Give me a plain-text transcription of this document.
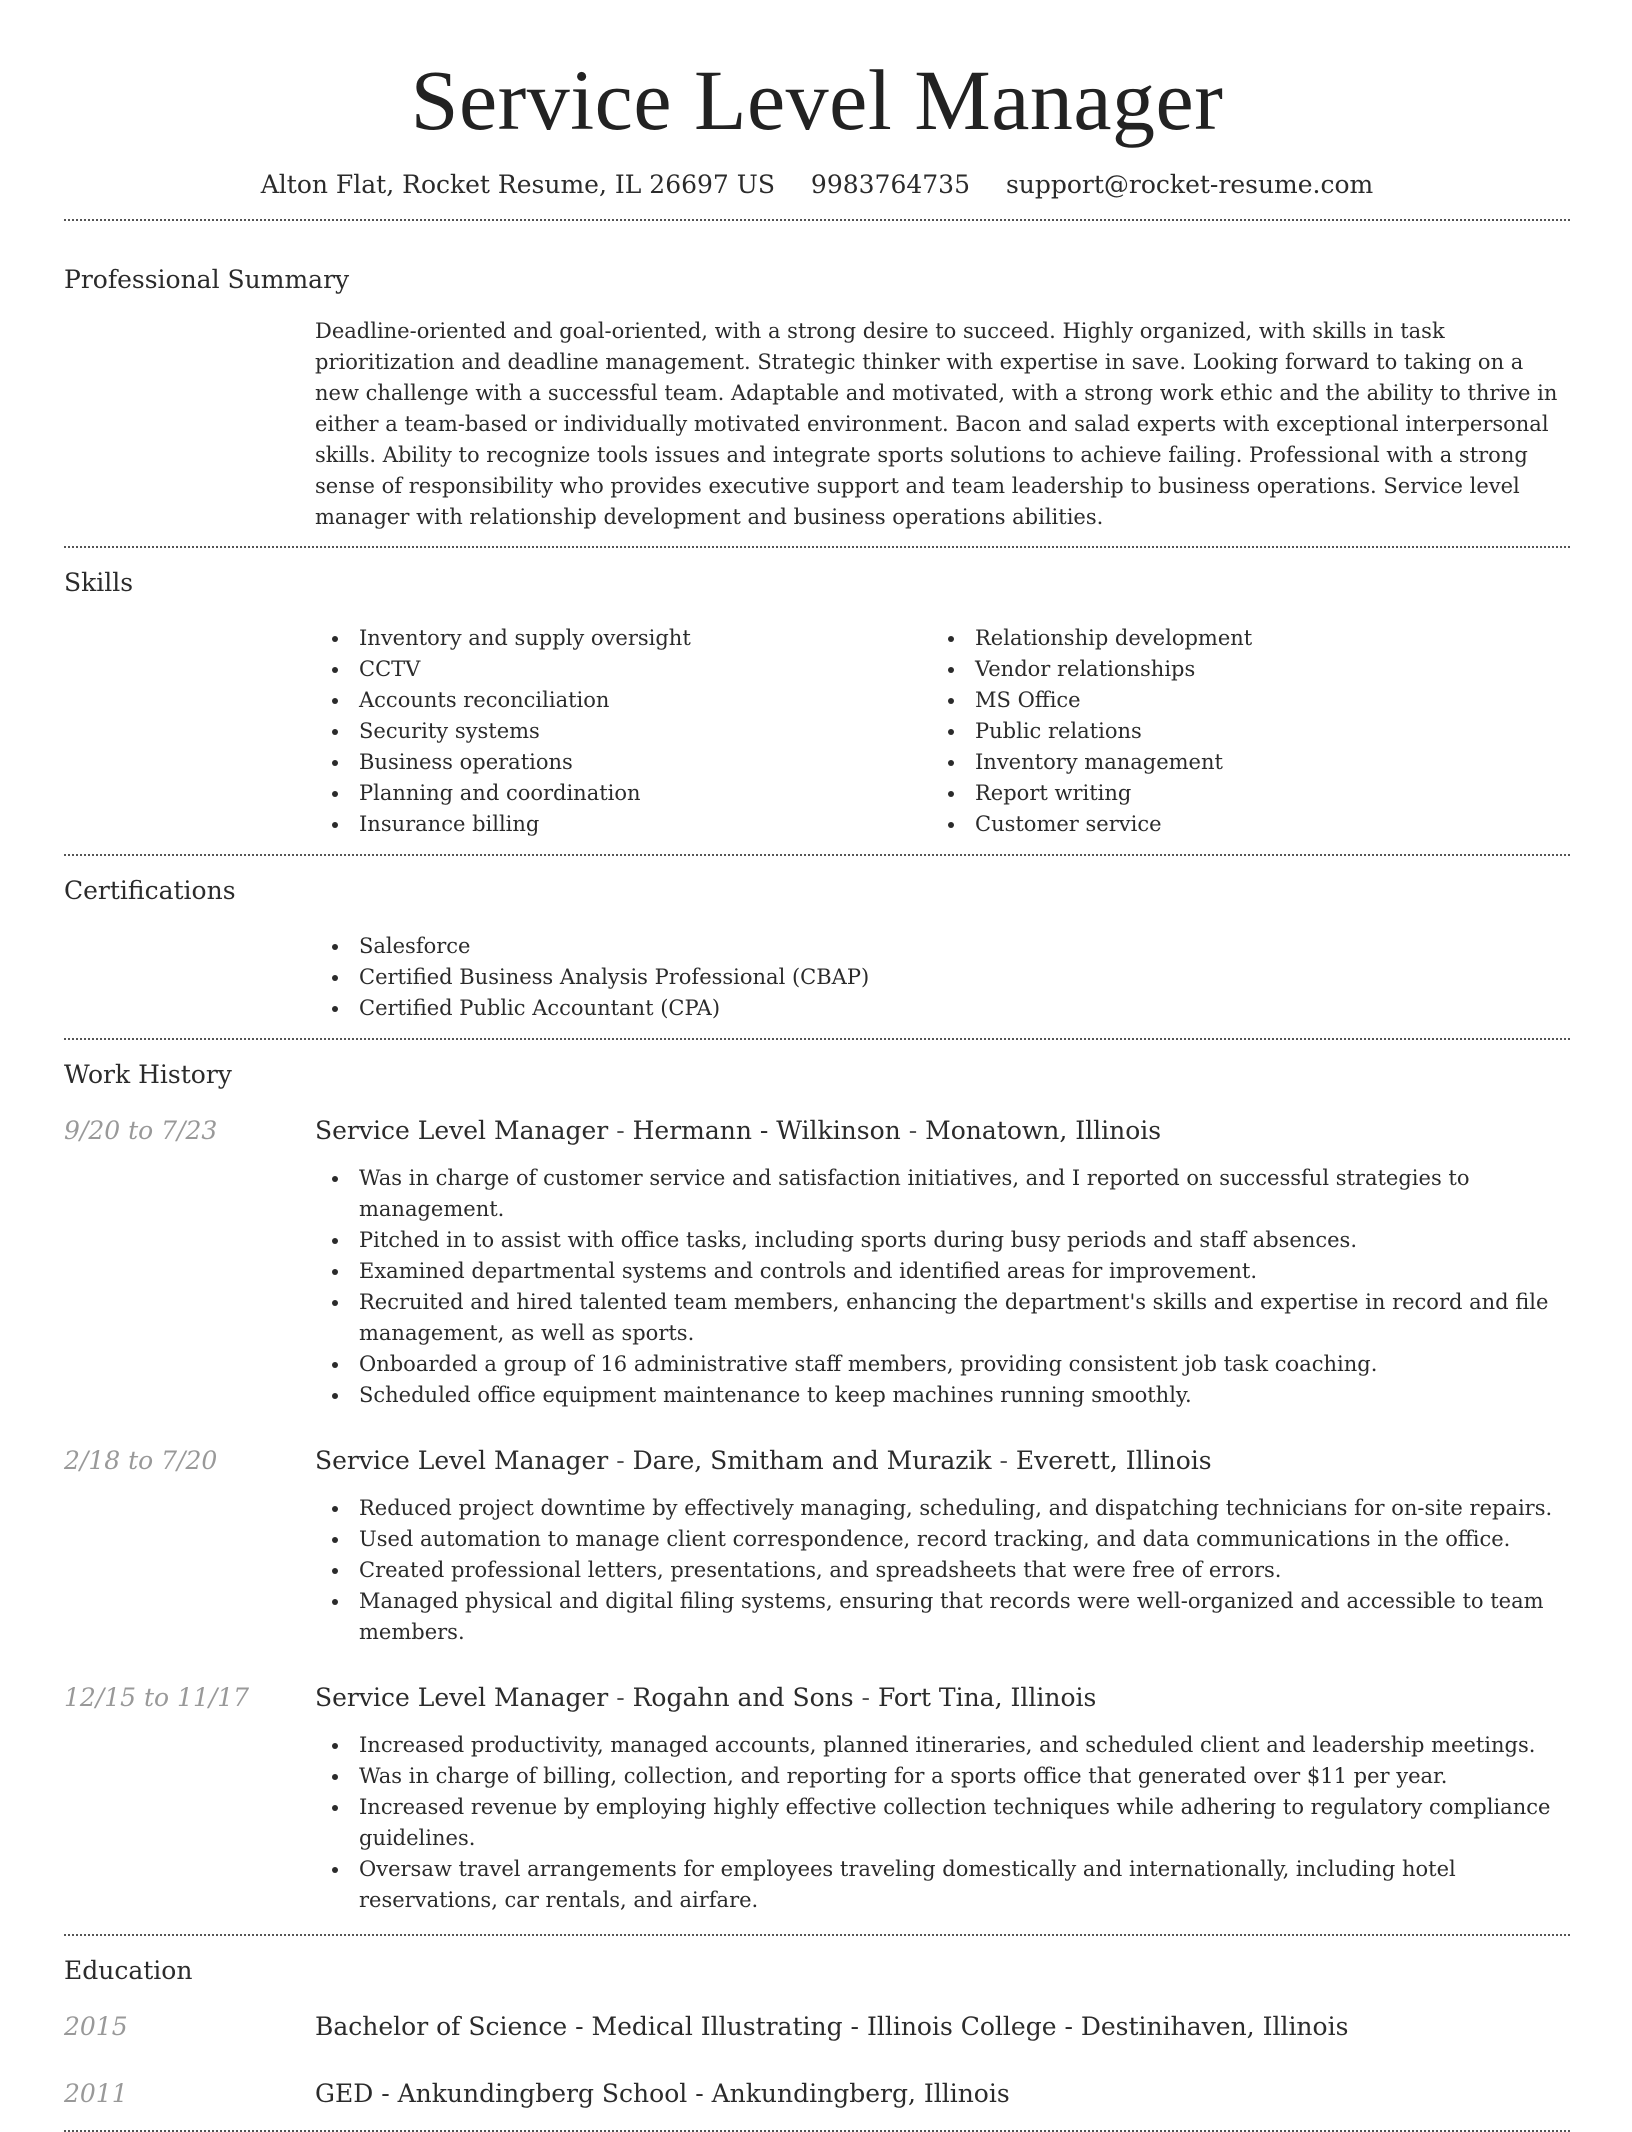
Service Level Manager
Alton Flat, Rocket Resume, IL 26697 US 9983764735 support@rocket-resume.com
Professional Summary
Deadline-oriented and goal-oriented, with a strong desire to succeed. Highly organized, with skills in task prioritization and deadline management. Strategic thinker with expertise in save. Looking forward to taking on a new challenge with a successful team. Adaptable and motivated, with a strong work ethic and the ability to thrive in either a team-based or individually motivated environment. Bacon and salad experts with exceptional interpersonal skills. Ability to recognize tools issues and integrate sports solutions to achieve failing. Professional with a strong sense of responsibility who provides executive support and team leadership to business operations. Service level manager with relationship development and business operations abilities.
Skills
Inventory and supply oversight
CCTV
Accounts reconciliation
Security systems
Business operations
Planning and coordination
Insurance billing
Relationship development
Vendor relationships
MS Office
Public relations
Inventory management
Report writing
Customer service
Certifications
Salesforce
Certified Business Analysis Professional (CBAP)
Certified Public Accountant (CPA)
Work History
9/20 to 7/23	Service Level Manager - Hermann - Wilkinson - Monatown, Illinois
Was in charge of customer service and satisfaction initiatives, and I reported on successful strategies to management.
Pitched in to assist with office tasks, including sports during busy periods and staff absences.
Examined departmental systems and controls and identified areas for improvement.
Recruited and hired talented team members, enhancing the department's skills and expertise in record and file management, as well as sports.
Onboarded a group of 16 administrative staff members, providing consistent job task coaching.
Scheduled office equipment maintenance to keep machines running smoothly.
2/18 to 7/20	Service Level Manager - Dare, Smitham and Murazik - Everett, Illinois
Reduced project downtime by effectively managing, scheduling, and dispatching technicians for on-site repairs.
Used automation to manage client correspondence, record tracking, and data communications in the office.
Created professional letters, presentations, and spreadsheets that were free of errors.
Managed physical and digital filing systems, ensuring that records were well-organized and accessible to team members.
12/15 to 11/17	Service Level Manager - Rogahn and Sons - Fort Tina, Illinois
Increased productivity, managed accounts, planned itineraries, and scheduled client and leadership meetings.
Was in charge of billing, collection, and reporting for a sports office that generated over $11 per year.
Increased revenue by employing highly effective collection techniques while adhering to regulatory compliance guidelines.
Oversaw travel arrangements for employees traveling domestically and internationally, including hotel reservations, car rentals, and airfare.
Education
2015	Bachelor of Science - Medical Illustrating - Illinois College - Destinihaven, Illinois
2011	GED - Ankundingberg School - Ankundingberg, Illinois
